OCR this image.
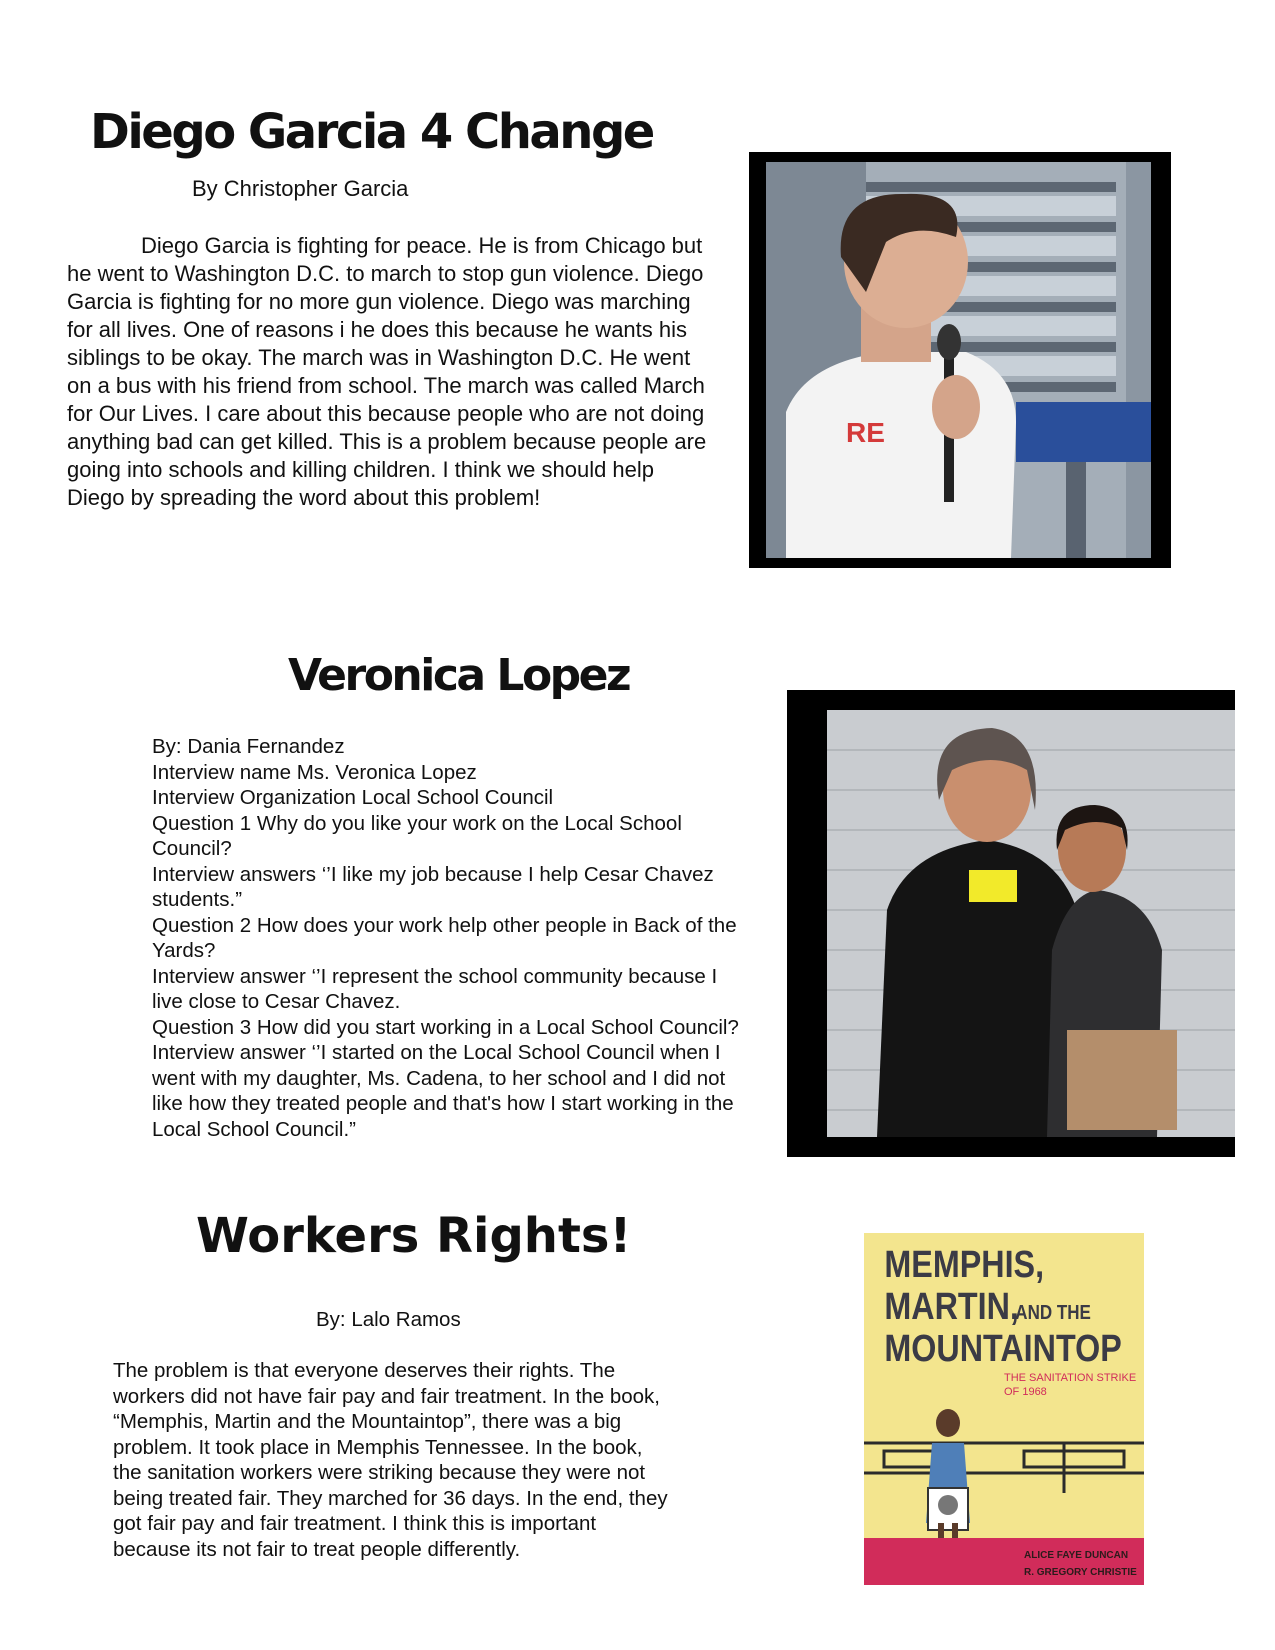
Diego Garcia 4 Change
By Christopher Garcia

Diego Garcia is fighting for peace. He is from Chicago but he went to Washington D.C. to march to stop gun violence. Diego Garcia is fighting for no more gun violence. Diego was marching for all lives. One of reasons i he does this because he wants his siblings to be okay. The march was in Washington D.C. He went on a bus with his friend from school. The march was called March for Our Lives. I care about this because people who are not doing anything bad can get killed. This is a problem because people are going into schools and killing children. I think we should help Diego by spreading the word about this problem!

RE
Veronica Lopez
By: Dania Fernandez
Interview name Ms. Veronica Lopez
Interview Organization Local School Council
Question 1 Why do you like your work on the Local School Council?
Interview answers ‘’I like my job because I help Cesar Chavez students.”
Question 2 How does your work help other people in Back of the Yards?
Interview answer ‘’I represent the school community because I live close to Cesar Chavez.
Question 3 How did you start working in a Local School Council?
Interview answer ‘’I started on the Local School Council when I went with my daughter, Ms. Cadena, to her school and I did not like how they treated people and that's how I start working in the Local School Council.”
Workers Rights!
By: Lalo Ramos

The problem is that everyone deserves their rights. The workers did not have fair pay and fair treatment. In the book, “Memphis, Martin and the Mountaintop”, there was a big problem. It took place in Memphis Tennessee. In the book, the sanitation workers were striking because they were not being treated fair. They marched for 36 days. In the end, they got fair pay and fair treatment. I think this is important because its not fair to treat people differently.

MEMPHIS,
MARTIN,
AND THE
MOUNTAINTOP
THE SANITATION STRIKE
OF 1968
ALICE FAYE DUNCAN
R. GREGORY CHRISTIE
